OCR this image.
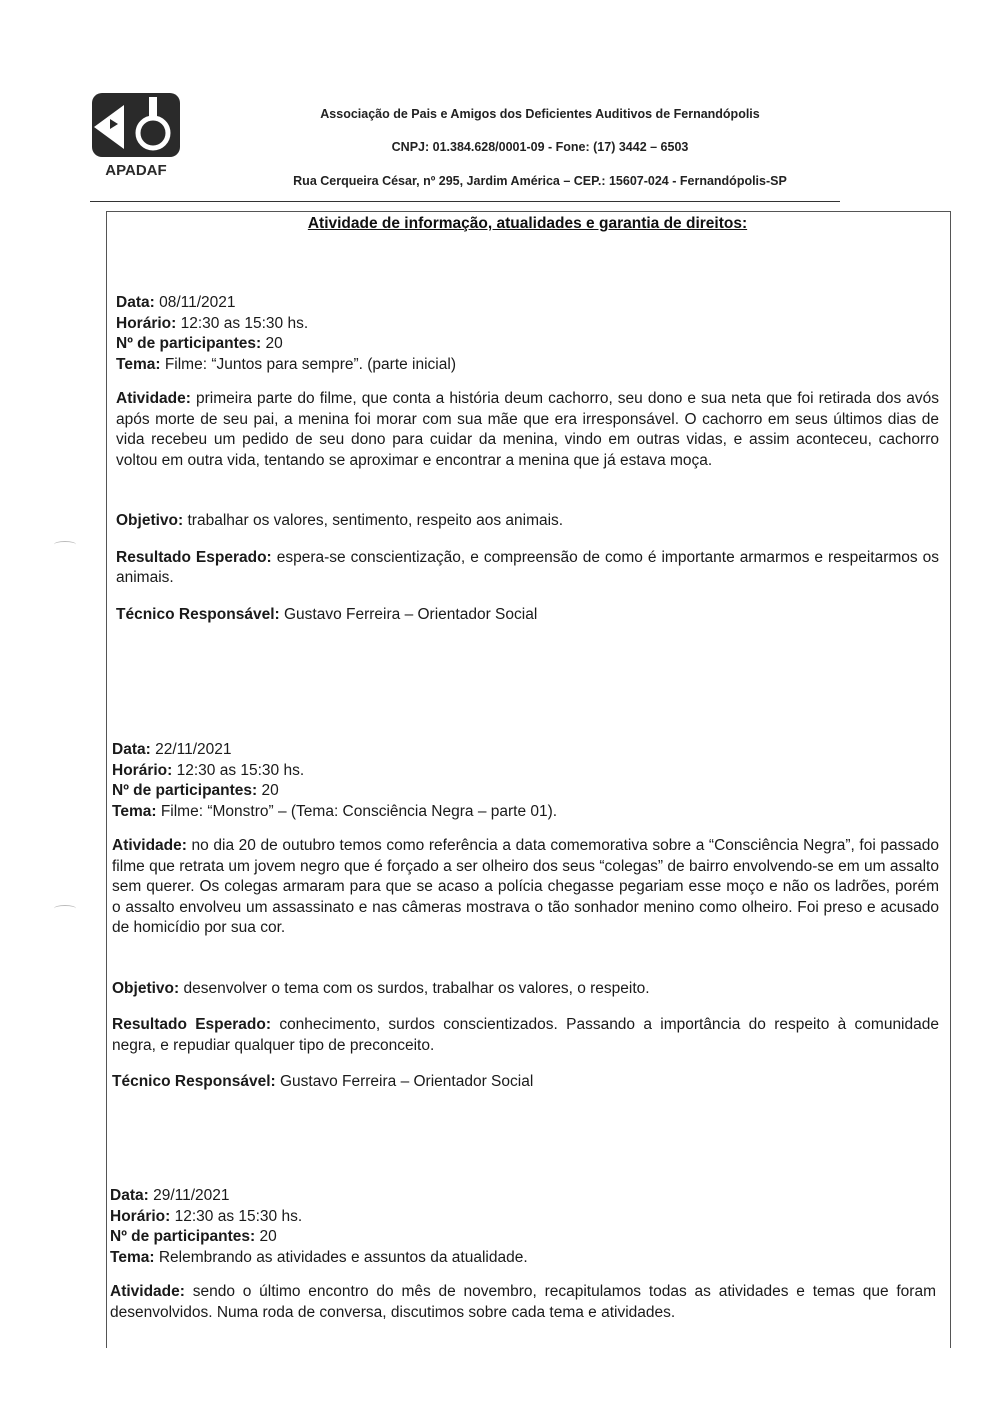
APADAF
Associação de Pais e Amigos dos Deficientes Auditivos de Fernandópolis
CNPJ: 01.384.628/0001-09 - Fone: (17) 3442 – 6503
Rua Cerqueira César, nº 295, Jardim América – CEP.: 15607-024 - Fernandópolis-SP
Atividade de informação, atualidades e garantia de direitos:

Data: 08/11/2021

Horário: 12:30 as 15:30 hs.

Nº de participantes: 20

Tema: Filme: “Juntos para sempre”. (parte inicial)

Atividade: primeira parte do filme, que conta a história deum cachorro, seu dono e sua neta que foi retirada dos avós após morte de seu pai, a menina foi morar com sua mãe que era irresponsável. O cachorro em seus últimos dias de vida recebeu um pedido de seu dono para cuidar da menina, vindo em outras vidas, e assim aconteceu, cachorro voltou em outra vida, tentando se aproximar e encontrar a menina que já estava moça.

Objetivo: trabalhar os valores, sentimento, respeito aos animais.

Resultado Esperado: espera-se conscientização, e compreensão de como é importante armarmos e respeitarmos os animais.

Técnico Responsável: Gustavo Ferreira – Orientador Social

Data: 22/11/2021

Horário: 12:30 as 15:30 hs.

Nº de participantes: 20

Tema: Filme: “Monstro” – (Tema: Consciência Negra – parte 01).

Atividade: no dia 20 de outubro temos como referência a data comemorativa sobre a “Consciência Negra”, foi passado filme que retrata um jovem negro que é forçado a ser olheiro dos seus “colegas” de bairro envolvendo-se em um assalto sem querer. Os colegas armaram para que se acaso a polícia chegasse pegariam esse moço e não os ladrões, porém o assalto envolveu um assassinato e nas câmeras mostrava o tão sonhador menino como olheiro. Foi preso e acusado de homicídio por sua cor.

Objetivo: desenvolver o tema com os surdos, trabalhar os valores, o respeito.

Resultado Esperado: conhecimento, surdos conscientizados. Passando a importância do respeito à comunidade negra, e repudiar qualquer tipo de preconceito.

Técnico Responsável: Gustavo Ferreira – Orientador Social

Data: 29/11/2021

Horário: 12:30 as 15:30 hs.

Nº de participantes: 20

Tema: Relembrando as atividades e assuntos da atualidade.

Atividade: sendo o último encontro do mês de novembro, recapitulamos todas as atividades e temas que foram desenvolvidos. Numa roda de conversa, discutimos sobre cada tema e atividades.
